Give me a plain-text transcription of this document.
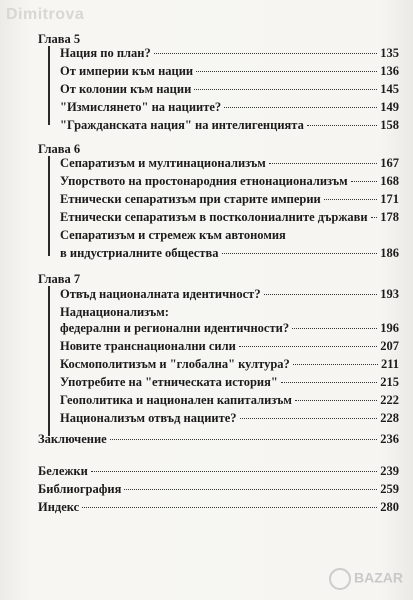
Dimitrova
Глава 5
Нация по план?	135
От империи към нации	136
От колонии към нации	145
"Измислянето" на нациите?	149
"Гражданската нация" на интелигенцията	158
Глава 6
Сепаратизъм и мултинационализъм	167
Упорството на простонародния етнонационализъм	168
Етнически сепаратизъм при старите империи	171
Етнически сепаратизъм в постколониалните държави 178
Сепаратизъм и стремеж към автономия
в индустриалните общества	186
Глава 7
Отвъд националната идентичност?	193
Наднационализъм:
федерални и регионални идентичности?	196
Новите транснационални сили	207
Космополитизъм и "глобална" култура?	211
Употребите на "етническата история"	215
Геополитика и национален капитализъм	222
Национализъм отвъд нациите?	228
Заключение	236
Бележки	239
Библиография	259
Индекс	280
BAZAR
